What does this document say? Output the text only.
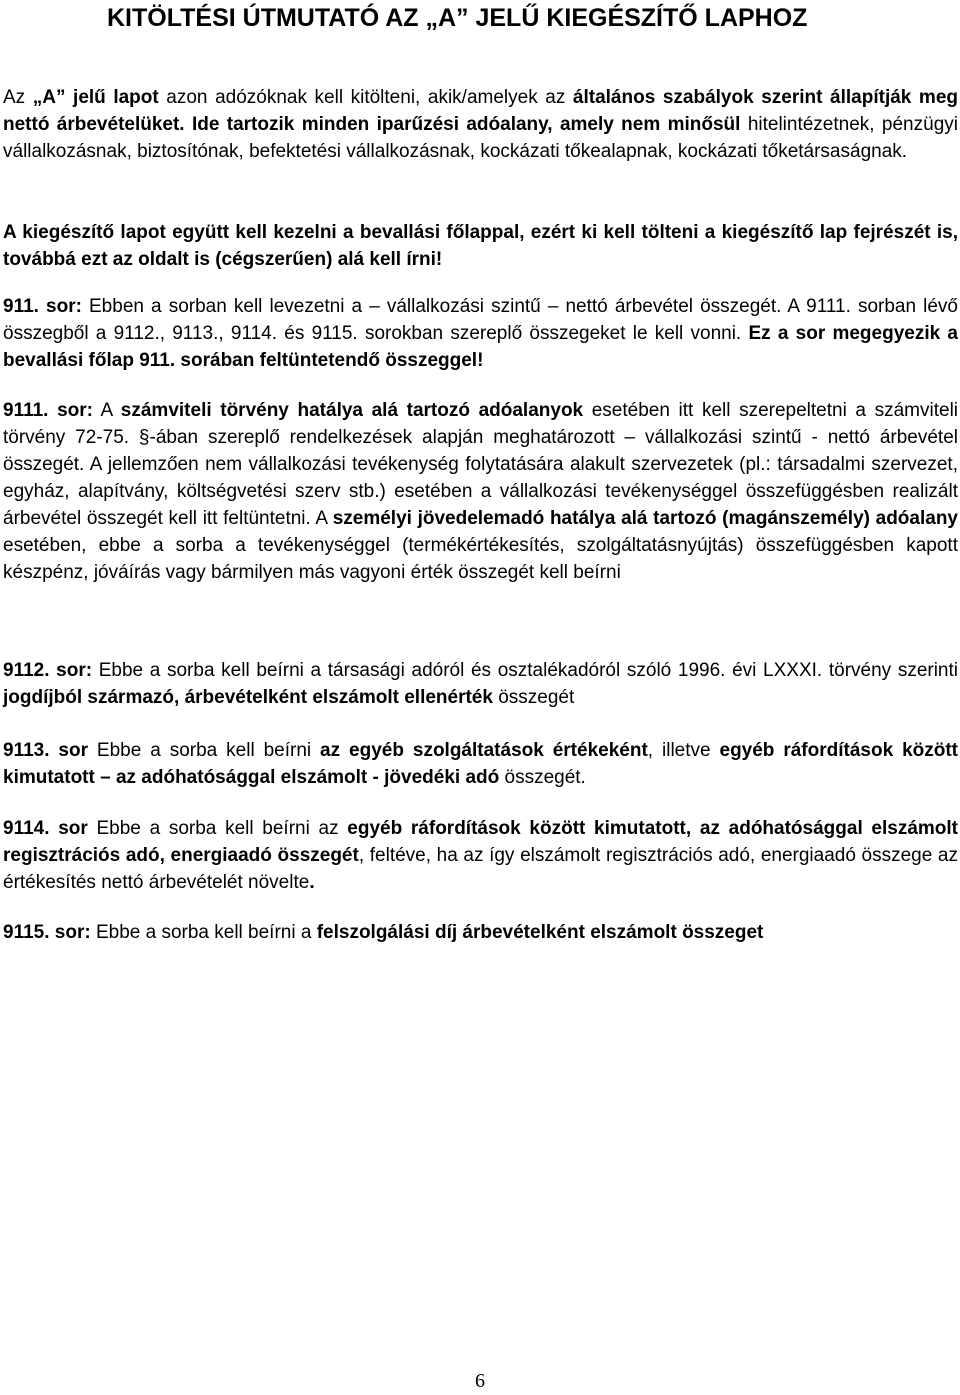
KITÖLTÉSI ÚTMUTATÓ AZ „A” JELŰ KIEGÉSZÍTŐ LAPHOZ

Az „A” jelű lapot azon adózóknak kell kitölteni, akik/amelyek az általános szabályok szerint állapítják meg nettó árbevételüket. Ide tartozik minden iparűzési adóalany, amely nem minősül hitelintézetnek, pénzügyi vállalkozásnak, biztosítónak, befektetési vállalkozásnak, kockázati tőkealapnak, kockázati tőketársaságnak.

A kiegészítő lapot együtt kell kezelni a bevallási főlappal, ezért ki kell tölteni a kiegészítő lap fejrészét is, továbbá ezt az oldalt is (cégszerűen) alá kell írni!

911. sor: Ebben a sorban kell levezetni a – vállalkozási szintű – nettó árbevétel összegét. A 9111. sorban lévő összegből a 9112., 9113., 9114. és 9115. sorokban szereplő összegeket le kell vonni. Ez a sor megegyezik a bevallási főlap 911. sorában feltüntetendő összeggel!

9111. sor: A számviteli törvény hatálya alá tartozó adóalanyok esetében itt kell szerepeltetni a számviteli törvény 72-75. §-ában szereplő rendelkezések alapján meghatározott – vállalkozási szintű - nettó árbevétel összegét. A jellemzően nem vállalkozási tevékenység folytatására alakult szervezetek (pl.: társadalmi szervezet, egyház, alapítvány, költségvetési szerv stb.) esetében a vállalkozási tevékenységgel összefüggésben realizált árbevétel összegét kell itt feltüntetni. A személyi jövedelemadó hatálya alá tartozó (magánszemély) adóalany esetében, ebbe a sorba a tevékenységgel (termékértékesítés, szolgáltatásnyújtás) összefüggésben kapott készpénz, jóváírás vagy bármilyen más vagyoni érték összegét kell beírni

9112. sor: Ebbe a sorba kell beírni a társasági adóról és osztalékadóról szóló 1996. évi LXXXI. törvény szerinti jogdíjból származó, árbevételként elszámolt ellenérték összegét

9113. sor Ebbe a sorba kell beírni az egyéb szolgáltatások értékeként, illetve egyéb ráfordítások között kimutatott – az adóhatósággal elszámolt - jövedéki adó összegét.

9114. sor Ebbe a sorba kell beírni az egyéb ráfordítások között kimutatott, az adóhatósággal elszámolt regisztrációs adó, energiaadó összegét, feltéve, ha az így elszámolt regisztrációs adó, energiaadó összege az értékesítés nettó árbevételét növelte.

9115. sor: Ebbe a sorba kell beírni a felszolgálási díj árbevételként elszámolt összeget

6
